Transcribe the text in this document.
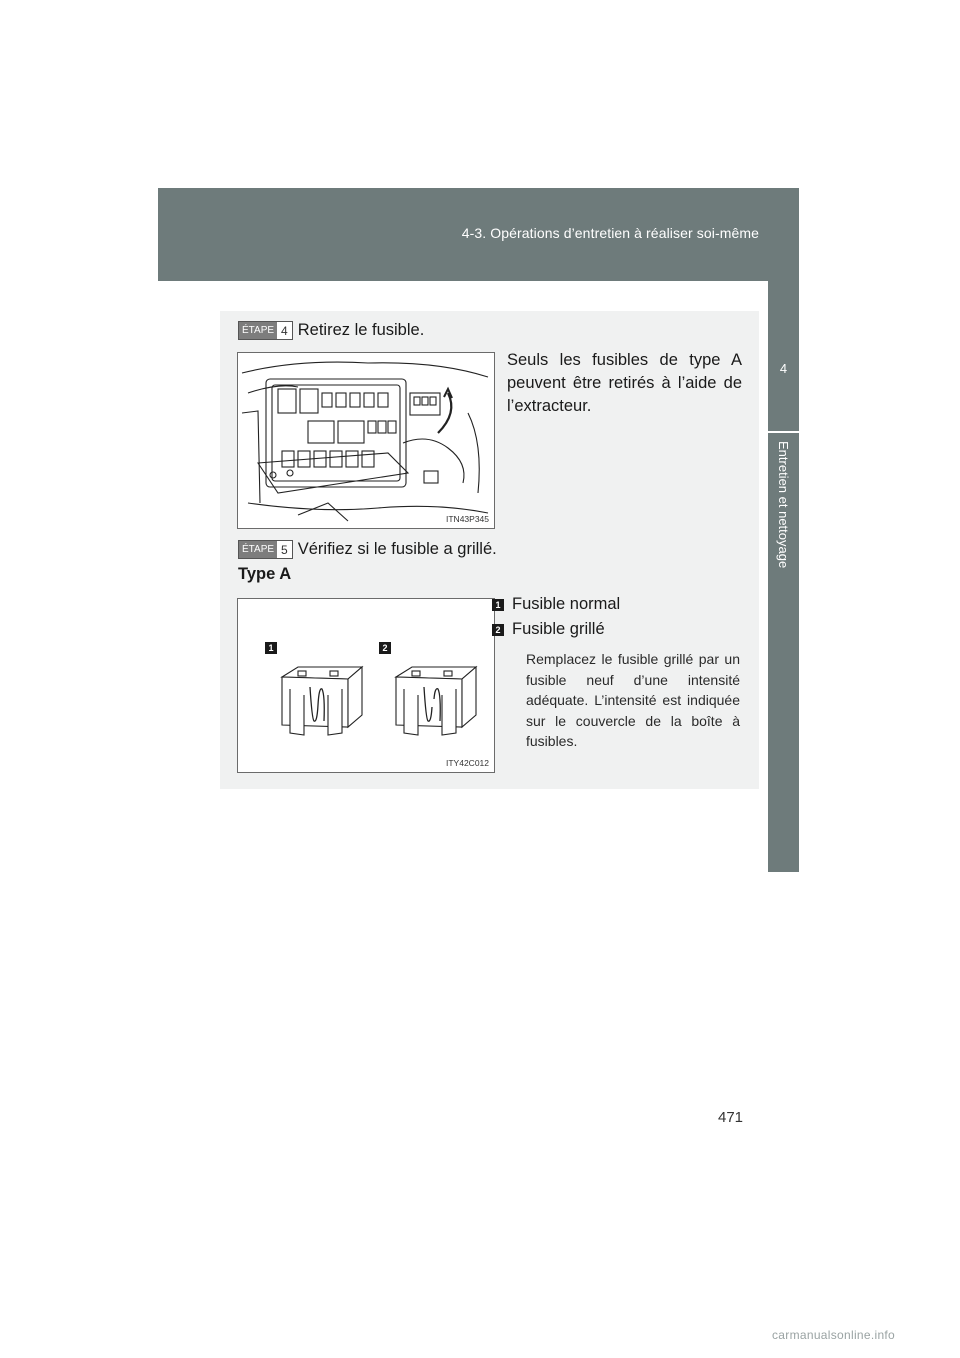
4-3. Opérations d’entretien à réaliser soi-même
4
Entretien et nettoyage
ÉTAPE 4 Retirez le fusible.
ITN43P345
Seuls les fusibles de type A peuvent être retirés à l’aide de l’extracteur.
ÉTAPE 5 Vérifiez si le fusible a grillé.
Type A
1	2
ITY42C012
1 Fusible normal
2 Fusible grillé
Remplacez le fusible grillé par un fusible neuf d’une intensité adéquate. L’intensité est indiquée sur le couvercle de la boîte à fusibles.
471
carmanualsonline.info
